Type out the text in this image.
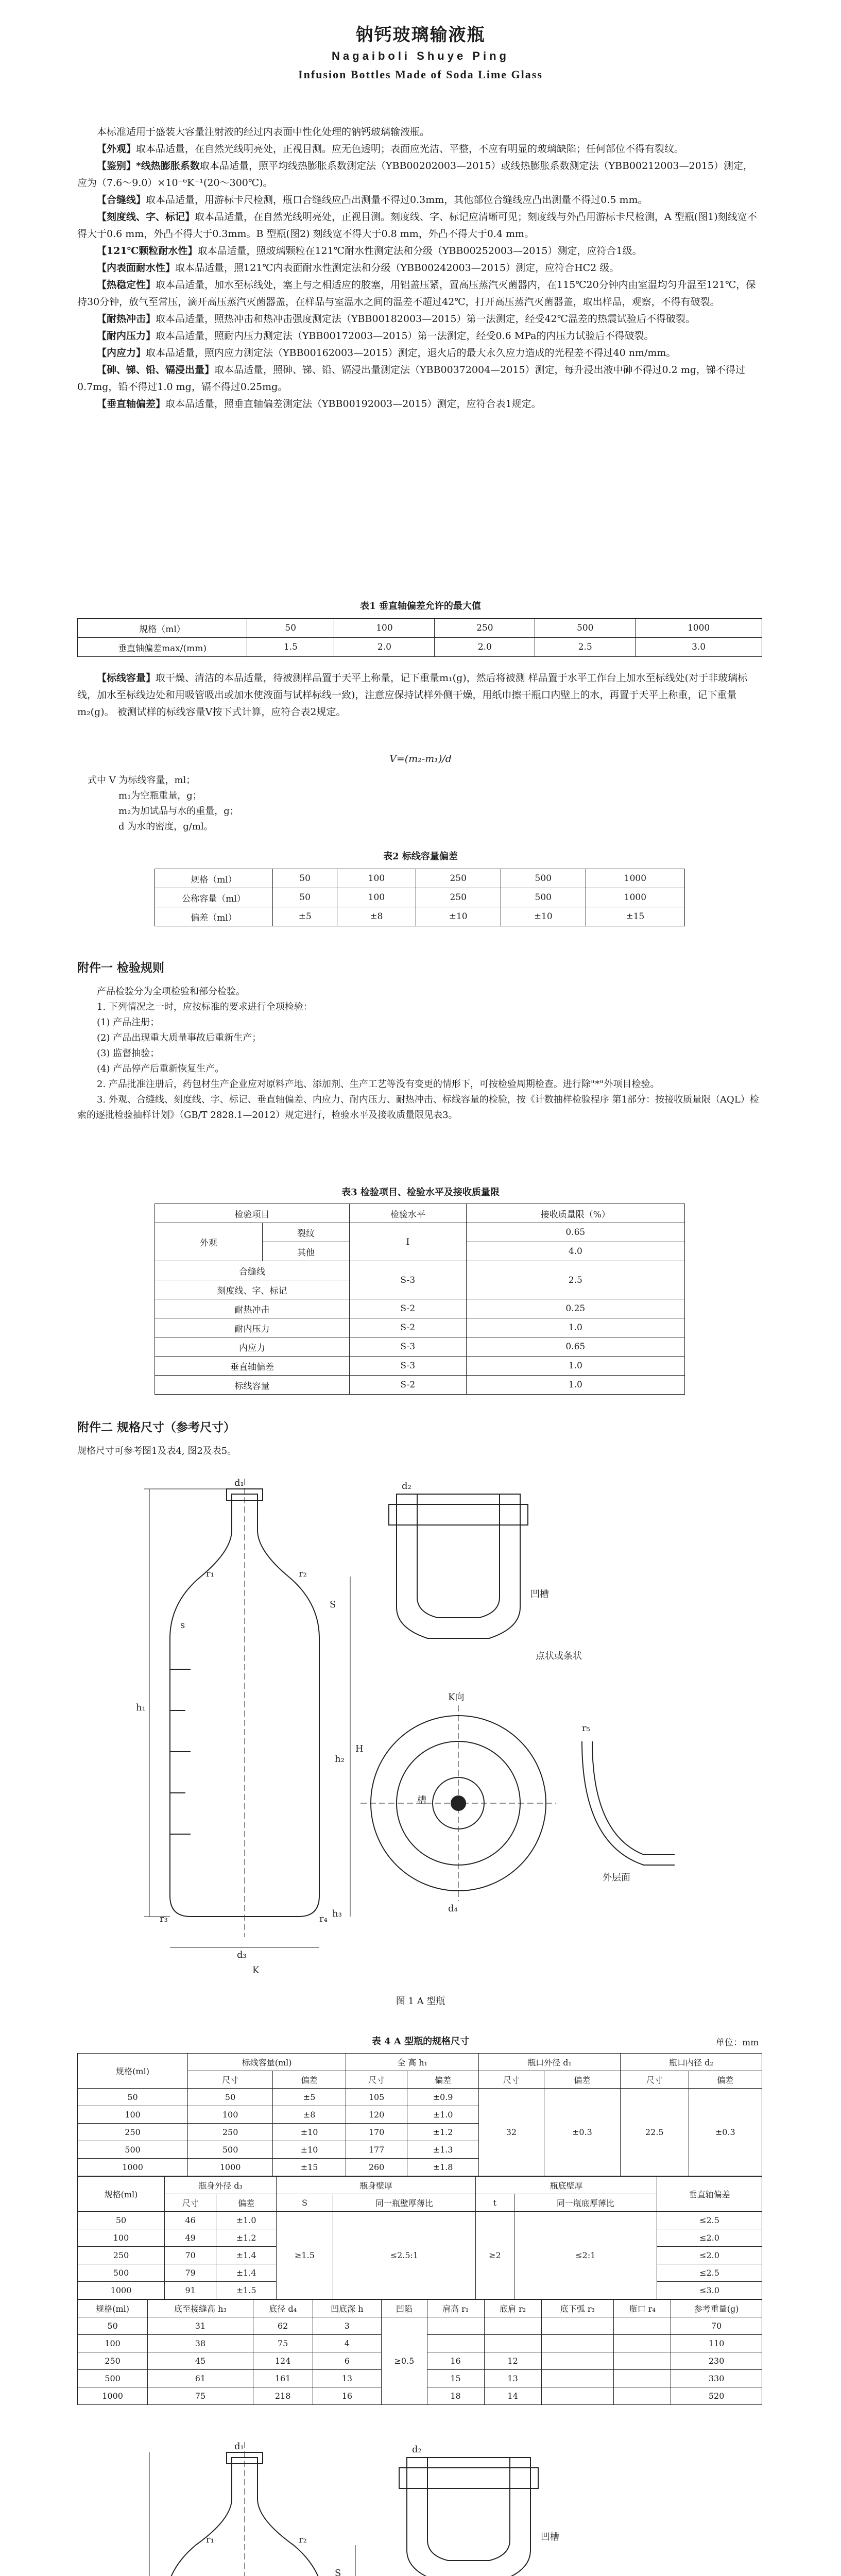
钠钙玻璃输液瓶
Nagaiboli Shuye Ping
Infusion Bottles Made of Soda Lime Glass

本标准适用于盛装大容量注射液的经过内表面中性化处理的钠钙玻璃输液瓶。

【外观】取本品适量，在自然光线明亮处，正视目测。应无色透明；表面应光洁、平整，不应有明显的玻璃缺陷；任何部位不得有裂纹。

【鉴别】*线热膨胀系数取本品适量，照平均线热膨胀系数测定法（YBB00202003—2015）或线热膨胀系数测定法（YBB00212003—2015）测定，应为（7.6～9.0）×10⁻⁶K⁻¹(20～300℃)。

【合缝线】取本品适量，用游标卡尺检测，瓶口合缝线应凸出测量不得过0.3mm，其他部位合缝线应凸出测量不得过0.5 mm。

【刻度线、字、标记】取本品适量，在自然光线明亮处，正视目测。刻度线、字、标记应清晰可见；刻度线与外凸用游标卡尺检测，A 型瓶(图1)刻线宽不得大于0.6 mm，外凸不得大于0.3mm。B 型瓶(图2) 刻线宽不得大于0.8 mm，外凸不得大于0.4 mm。

【121℃颗粒耐水性】取本品适量，照玻璃颗粒在121℃耐水性测定法和分级（YBB00252003—2015）测定，应符合1级。

【内表面耐水性】取本品适量，照121℃内表面耐水性测定法和分级（YBB00242003—2015）测定，应符合HC2 级。

【热稳定性】取本品适量，加水至标线处，塞上与之相适应的胶塞，用铝盖压紧，置高压蒸汽灭菌器内，在115℃20分钟内由室温均匀升温至121℃，保持30分钟，放气至常压，滴开高压蒸汽灭菌器盖，在样品与室温水之间的温差不超过42℃，打开高压蒸汽灭菌器盖，取出样品，观察，不得有破裂。

【耐热冲击】取本品适量，照热冲击和热冲击强度测定法（YBB00182003—2015）第一法测定，经受42℃温差的热震试验后不得破裂。

【耐内压力】取本品适量，照耐内压力测定法（YBB00172003—2015）第一法测定，经受0.6 MPa的内压力试验后不得破裂。

【内应力】取本品适量，照内应力测定法（YBB00162003—2015）测定，退火后的最大永久应力造成的光程差不得过40 nm/mm。

【砷、锑、铅、镉浸出量】取本品适量，照砷、锑、铅、镉浸出量测定法（YBB00372004—2015）测定，每升浸出液中砷不得过0.2 mg，锑不得过0.7mg，铅不得过1.0 mg，镉不得过0.25mg。

【垂直轴偏差】取本品适量，照垂直轴偏差测定法（YBB00192003—2015）测定，应符合表1规定。

表1 垂直轴偏差允许的最大值
规格（ml）	50	100	250	500	1000
垂直轴偏差max/(mm)	1.5	2.0	2.0	2.5	3.0

【标线容量】取干燥、清洁的本品适量，待被测样品置于天平上称量，记下重量m₁(g)，然后将被测 样品置于水平工作台上加水至标线处(对于非玻璃标线，加水至标线边处和用吸管吸出或加水使液面与试样标线一致)，注意应保持试样外侧干燥，用纸巾擦干瓶口内壁上的水，再置于天平上称重，记下重量m₂(g)。 被测试样的标线容量V按下式计算，应符合表2规定。

V=(m₂-m₁)/d
式中 V 为标线容量，ml；
m₁为空瓶重量，g；
m₂为加试品与水的重量，g；
d 为水的密度，g/ml。
表2 标线容量偏差
规格（ml）	50	100	250	500	1000
公称容量（ml）	50	100	250	500	1000
偏差（ml）	±5	±8	±10	±10	±15
附件一 检验规则

产品检验分为全项检验和部分检验。

1. 下列情况之一时，应按标准的要求进行全项检验：

(1) 产品注册；

(2) 产品出现重大质量事故后重新生产；

(3) 监督抽验；

(4) 产品停产后重新恢复生产。

2. 产品批准注册后，药包材生产企业应对原料产地、添加剂、生产工艺等没有变更的情形下，可按检验周期检查。进行除"*"外项目检验。

3. 外观、合缝线、刻度线、字、标记、垂直轴偏差、内应力、耐内压力、耐热冲击、标线容量的检验，按《计数抽样检验程序 第1部分：按接收质量限（AQL）检索的逐批检验抽样计划》（GB/T 2828.1—2012）规定进行，检验水平及接收质量限见表3。

表3 检验项目、检验水平及接收质量限
检验项目		检验水平	接收质量限（%）
外观	裂纹	I	0.65
	其他		4.0
合缝线		S-3	2.5
刻度线、字、标记			
耐热冲击		S-2	0.25
耐内压力		S-2	1.0
内应力		S-3	0.65
垂直轴偏差		S-3	1.0
标线容量		S-2	1.0
附件二 规格尺寸（参考尺寸）
规格尺寸可参考图1及表4, 图2及表5。
S
h₁
h₂
H
d₁	d₂
d₃
d₄
h₃
r₁	r₂
r₃	r₄
r₅
s
K
K向
点状或条状
凹槽
外层面
槽
图 1 A 型瓶
表 4 A 型瓶的规格尺寸	单位：mm
规格(ml)	标线容量(ml)		全 高 h₁		瓶口外径 d₁		瓶口内径 d₂	
	尺寸	偏差	尺寸	偏差	尺寸	偏差	尺寸	偏差
50	50	±5	105	±0.9	32	±0.3	22.5	±0.3
100	100	±8	120	±1.0				
250	250	±10	170	±1.2				
500	500	±10	177	±1.3				
1000	1000	±15	260	±1.8				
规格(ml)	瓶身外径 d₃		瓶身壁厚		瓶底壁厚		垂直轴偏差
	尺寸	偏差	S	同一瓶壁厚薄比	t	同一瓶底厚薄比	
50	46	±1.0	≥1.5	≤2.5:1	≥2	≤2:1	≤2.5
100	49	±1.2					≤2.0
250	70	±1.4					≤2.0
500	79	±1.4					≤2.5
1000	91	±1.5					≤3.0
规格(ml)	底至接缝高 h₃	底径 d₄	凹底深 h	凹陷	肩高 r₁	底肩 r₂	底下弧 r₃	瓶口 r₄	参考重量(g)
50	31	62	3	≥0.5					70
100	38	75	4						110
250	45	124	6		16	12			230
500	61	161	13		15	13			330
1000	75	218	16		18	14			520
S
d₁	d₂
r₁	r₂	凹槽
